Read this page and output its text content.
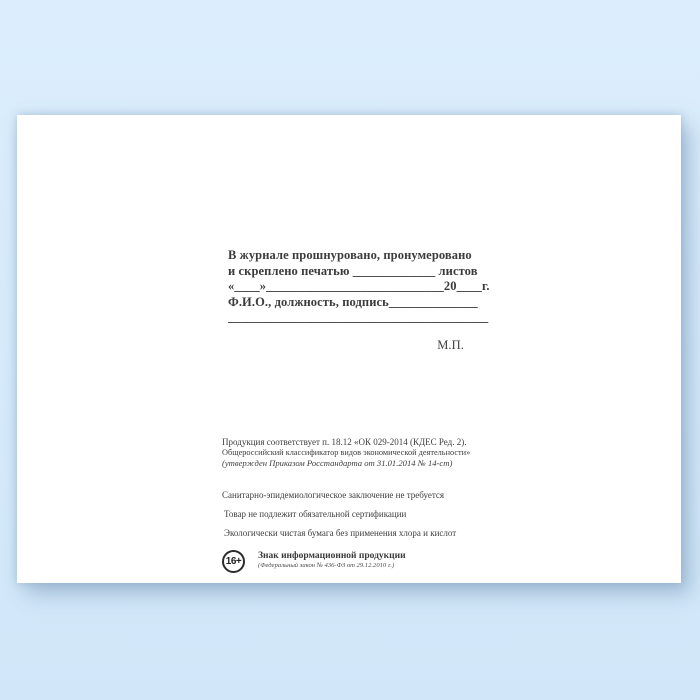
В журнале прошнуровано, пронумеровано
и скреплено печатью _____________ листов
«____»____________________________20____г.
Ф.И.О., должность, подпись______________
_________________________________________
М.П.
Продукция соответствует п. 18.12 «ОК 029-2014 (КДЕС Ред. 2).
Общероссийский классификатор видов экономической деятельности»
(утвержден Приказом Росстандарта от 31.01.2014 № 14-ст)
Санитарно-эпидемиологическое заключение не требуется
Товар не подлежит обязательной сертификации
Экологически чистая бумага без применения хлора и кислот
16+	Знак информационной продукции
(Федеральный закон № 436-ФЗ от 29.12.2010 г.)
